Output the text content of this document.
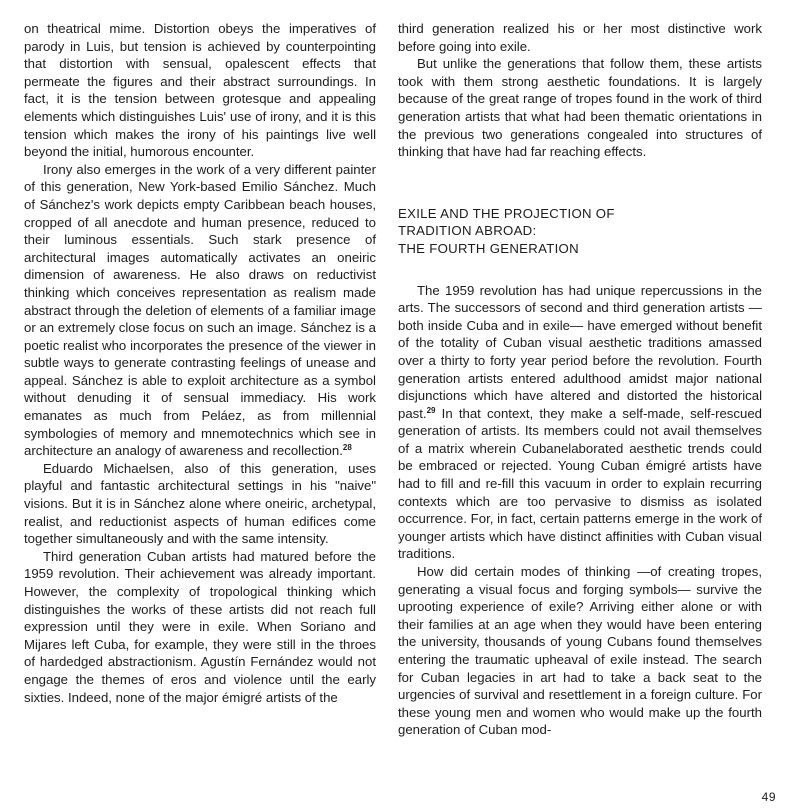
on theatrical mime. Distortion obeys the imperatives of parody in Luis, but tension is achieved by counterpointing that distortion with sensual, opalescent effects that permeate the figures and their abstract surroundings. In fact, it is the tension between grotesque and appealing elements which distinguishes Luis' use of irony, and it is this tension which makes the irony of his paintings live well beyond the initial, humorous encounter.

Irony also emerges in the work of a very different painter of this generation, New York-based Emilio Sánchez. Much of Sánchez's work depicts empty Caribbean beach houses, cropped of all anecdote and human presence, reduced to their luminous essentials. Such stark presence of architectural images automatically activates an oneiric dimension of awareness. He also draws on reductivist thinking which conceives representation as realism made abstract through the deletion of elements of a familiar image or an extremely close focus on such an image. Sánchez is a poetic realist who incorporates the presence of the viewer in subtle ways to generate contrasting feelings of unease and appeal. Sánchez is able to exploit architecture as a symbol without denuding it of sensual immediacy. His work emanates as much from Peláez, as from millennial symbologies of memory and mnemotechnics which see in architecture an analogy of awareness and recollection.$^{28}$

Eduardo Michaelsen, also of this generation, uses playful and fantastic architectural settings in his "naive" visions. But it is in Sánchez alone where oneiric, archetypal, realist, and reductionist aspects of human edifices come together simultaneously and with the same intensity.

Third generation Cuban artists had matured before the 1959 revolution. Their achievement was already important. However, the complexity of tropological thinking which distinguishes the works of these artists did not reach full expression until they were in exile. When Soriano and Mijares left Cuba, for example, they were still in the throes of hardedged abstractionism. Agustín Fernández would not engage the themes of eros and violence until the early sixties. Indeed, none of the major émigré artists of the

third generation realized his or her most distinctive work before going into exile.

But unlike the generations that follow them, these artists took with them strong aesthetic foundations. It is largely because of the great range of tropes found in the work of third generation artists that what had been thematic orientations in the previous two generations congealed into structures of thinking that have had far reaching effects.

EXILE AND THE PROJECTION OF
TRADITION ABROAD:
THE FOURTH GENERATION

The 1959 revolution has had unique repercussions in the arts. The successors of second and third generation artists —both inside Cuba and in exile— have emerged without benefit of the totality of Cuban visual aesthetic traditions amassed over a thirty to forty year period before the revolution. Fourth generation artists entered adulthood amidst major national disjunctions which have altered and distorted the historical past.$^{29}$ In that context, they make a self-made, self-rescued generation of artists. Its members could not avail themselves of a matrix wherein Cubanelaborated aesthetic trends could be embraced or rejected. Young Cuban émigré artists have had to fill and re-fill this vacuum in order to explain recurring contexts which are too pervasive to dismiss as isolated occurrence. For, in fact, certain patterns emerge in the work of younger artists which have distinct affinities with Cuban visual traditions.

How did certain modes of thinking —of creating tropes, generating a visual focus and forging symbols— survive the uprooting experience of exile? Arriving either alone or with their families at an age when they would have been entering the university, thousands of young Cubans found themselves entering the traumatic upheaval of exile instead. The search for Cuban legacies in art had to take a back seat to the urgencies of survival and resettlement in a foreign culture. For these young men and women who would make up the fourth generation of Cuban mod-

49
